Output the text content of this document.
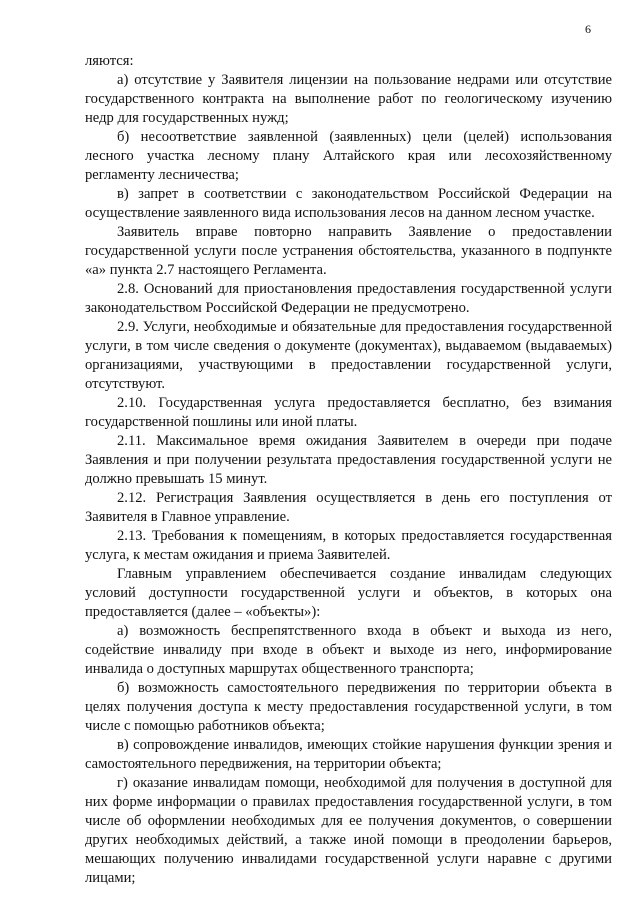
6

ляются:

а) отсутствие у Заявителя лицензии на пользование недрами или отсутствие государственного контракта на выполнение работ по геологическому изучению недр для государственных нужд;

б) несоответствие заявленной (заявленных) цели (целей) использования лесного участка лесному плану Алтайского края или лесохозяйственному регламенту лесничества;

в) запрет в соответствии с законодательством Российской Федерации на осуществление заявленного вида использования лесов на данном лесном участке.

Заявитель вправе повторно направить Заявление о предоставлении государственной услуги после устранения обстоятельства, указанного в подпункте «а» пункта 2.7 настоящего Регламента.

2.8. Оснований для приостановления предоставления государственной услуги законодательством Российской Федерации не предусмотрено.

2.9. Услуги, необходимые и обязательные для предоставления государственной услуги, в том числе сведения о документе (документах), выдаваемом (выдаваемых) организациями, участвующими в предоставлении государственной услуги, отсутствуют.

2.10. Государственная услуга предоставляется бесплатно, без взимания государственной пошлины или иной платы.

2.11. Максимальное время ожидания Заявителем в очереди при подаче Заявления и при получении результата предоставления государственной услуги не должно превышать 15 минут.

2.12. Регистрация Заявления осуществляется в день его поступления от Заявителя в Главное управление.

2.13. Требования к помещениям, в которых предоставляется государственная услуга, к местам ожидания и приема Заявителей.

Главным управлением обеспечивается создание инвалидам следующих условий доступности государственной услуги и объектов, в которых она предоставляется (далее – «объекты»):

а) возможность беспрепятственного входа в объект и выхода из него, содействие инвалиду при входе в объект и выходе из него, информирование инвалида о доступных маршрутах общественного транспорта;

б) возможность самостоятельного передвижения по территории объекта в целях получения доступа к месту предоставления государственной услуги, в том числе с помощью работников объекта;

в) сопровождение инвалидов, имеющих стойкие нарушения функции зрения и самостоятельного передвижения, на территории объекта;

г) оказание инвалидам помощи, необходимой для получения в доступной для них форме информации о правилах предоставления государственной услуги, в том числе об оформлении необходимых для ее получения документов, о совершении других необходимых действий, а также иной помощи в преодолении барьеров, мешающих получению инвалидами государственной услуги наравне с другими лицами;
